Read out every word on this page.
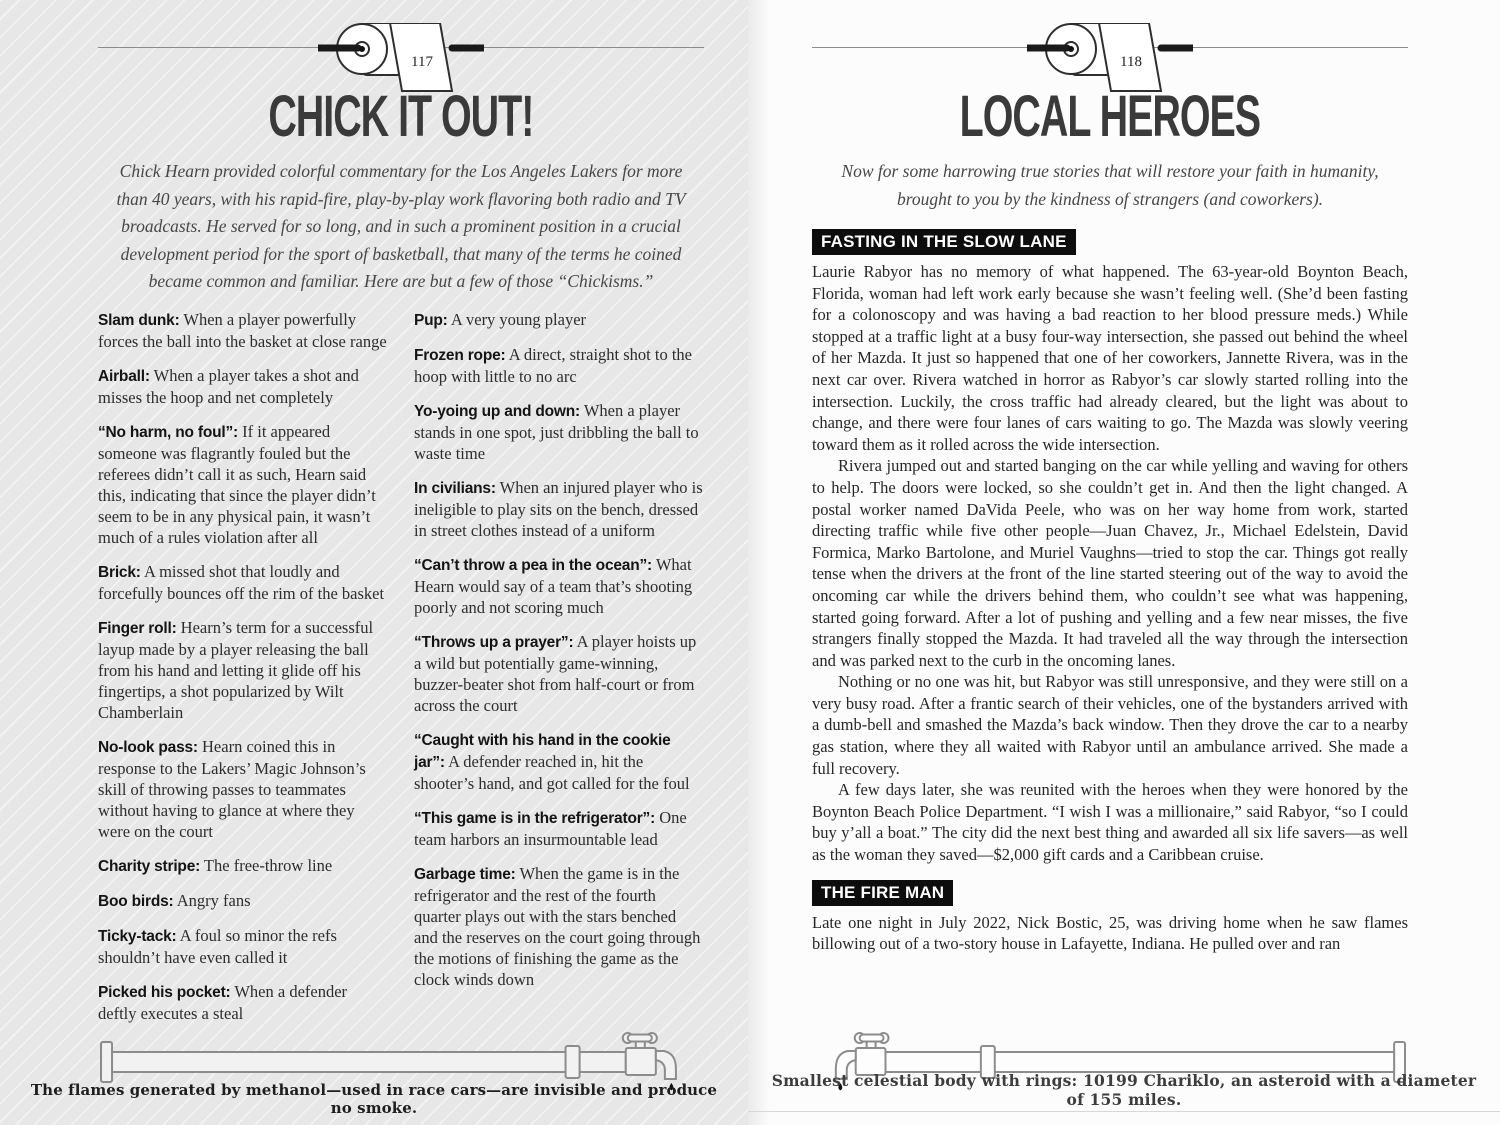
117
CHICK IT OUT!
Chick Hearn provided colorful commentary for the Los Angeles Lakers for more than 40 years, with his rapid-fire, play-by-play work flavoring both radio and TV broadcasts. He served for so long, and in such a prominent position in a crucial development period for the sport of basketball, that many of the terms he coined became common and familiar. Here are but a few of those “Chickisms.”
Slam dunk: When a player powerfully forces the ball into the basket at close range
Airball: When a player takes a shot and misses the hoop and net completely
“No harm, no foul”: If it appeared someone was flagrantly fouled but the referees didn’t call it as such, Hearn said this, indicating that since the player didn’t seem to be in any physical pain, it wasn’t much of a rules violation after all
Brick: A missed shot that loudly and forcefully bounces off the rim of the basket
Finger roll: Hearn’s term for a successful layup made by a player releasing the ball from his hand and letting it glide off his fingertips, a shot popularized by Wilt Chamberlain
No-look pass: Hearn coined this in response to the Lakers’ Magic Johnson’s skill of throwing passes to teammates without having to glance at where they were on the court
Charity stripe: The free-throw line
Boo birds: Angry fans
Ticky-tack: A foul so minor the refs shouldn’t have even called it
Picked his pocket: When a defender deftly executes a steal
Pup: A very young player
Frozen rope: A direct, straight shot to the hoop with little to no arc
Yo-yoing up and down: When a player stands in one spot, just dribbling the ball to waste time
In civilians: When an injured player who is ineligible to play sits on the bench, dressed in street clothes instead of a uniform
“Can’t throw a pea in the ocean”: What Hearn would say of a team that’s shooting poorly and not scoring much
“Throws up a prayer”: A player hoists up a wild but potentially game-winning, buzzer-beater shot from half-court or from across the court
“Caught with his hand in the cookie jar”: A defender reached in, hit the shooter’s hand, and got called for the foul
“This game is in the refrigerator”: One team harbors an insurmountable lead
Garbage time: When the game is in the refrigerator and the rest of the fourth quarter plays out with the stars benched and the reserves on the court going through the motions of finishing the game as the clock winds down
The flames generated by methanol—used in race cars—are invisible and produce no smoke.
118
LOCAL HEROES
Now for some harrowing true stories that will restore your faith in humanity, brought to you by the kindness of strangers (and coworkers).
FASTING IN THE SLOW LANE

Laurie Rabyor has no memory of what happened. The 63-year-old Boynton Beach, Florida, woman had left work early because she wasn’t feeling well. (She’d been fasting for a colonoscopy and was having a bad reaction to her blood pressure meds.) While stopped at a traffic light at a busy four-way intersection, she passed out behind the wheel of her Mazda. It just so happened that one of her coworkers, Jannette Rivera, was in the next car over. Rivera watched in horror as Rabyor’s car slowly started rolling into the intersection. Luckily, the cross traffic had already cleared, but the light was about to change, and there were four lanes of cars waiting to go. The Mazda was slowly veering toward them as it rolled across the wide intersection.

Rivera jumped out and started banging on the car while yelling and waving for others to help. The doors were locked, so she couldn’t get in. And then the light changed. A postal worker named DaVida Peele, who was on her way home from work, started directing traffic while five other people—Juan Chavez, Jr., Michael Edelstein, David Formica, Marko Bartolone, and Muriel Vaughns—tried to stop the car. Things got really tense when the drivers at the front of the line started steering out of the way to avoid the oncoming car while the drivers behind them, who couldn’t see what was happening, started going forward. After a lot of pushing and yelling and a few near misses, the five strangers finally stopped the Mazda. It had traveled all the way through the intersection and was parked next to the curb in the oncoming lanes.

Nothing or no one was hit, but Rabyor was still unresponsive, and they were still on a very busy road. After a frantic search of their vehicles, one of the bystanders arrived with a dumb-bell and smashed the Mazda’s back window. Then they drove the car to a nearby gas station, where they all waited with Rabyor until an ambulance arrived. She made a full recovery.

A few days later, she was reunited with the heroes when they were honored by the Boynton Beach Police Department. “I wish I was a millionaire,” said Rabyor, “so I could buy y’all a boat.” The city did the next best thing and awarded all six life savers—as well as the woman they saved—$2,000 gift cards and a Caribbean cruise.

THE FIRE MAN

Late one night in July 2022, Nick Bostic, 25, was driving home when he saw flames billowing out of a two-story house in Lafayette, Indiana. He pulled over and ran

Smallest celestial body with rings: 10199 Chariklo, an asteroid with a diameter of 155 miles.
